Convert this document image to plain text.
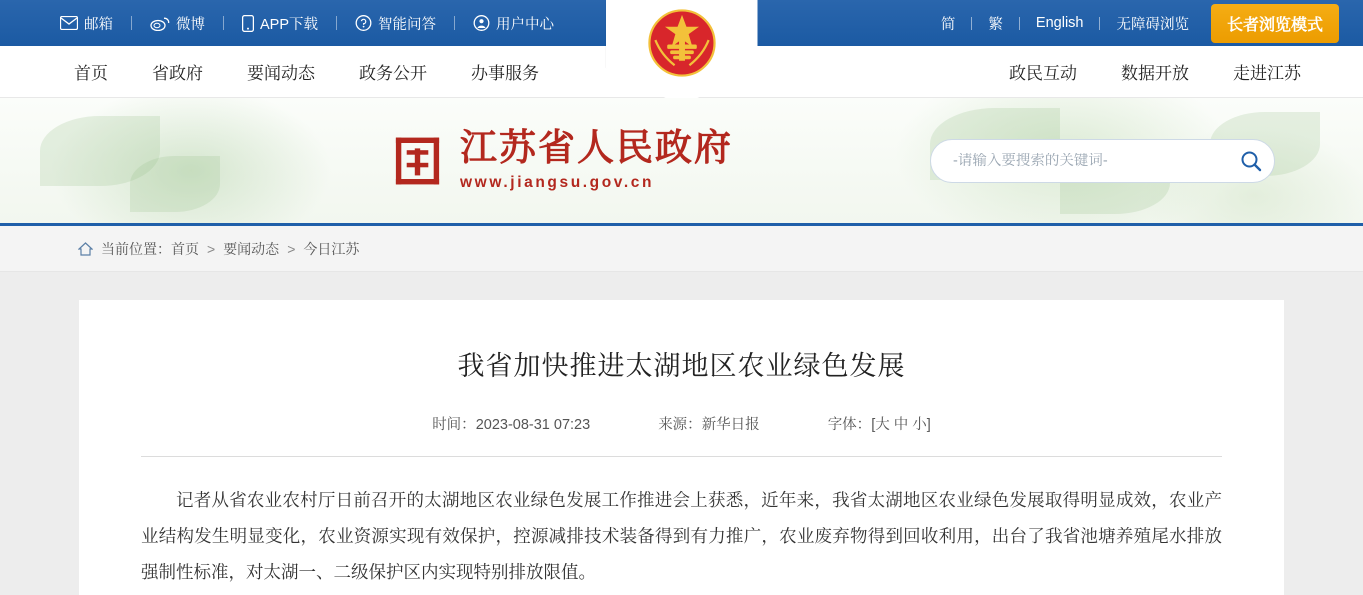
邮箱	微博	APP下载	智能问答	用户中心	简 繁 English 无障碍浏览	长者浏览模式
首页	省政府	要闻动态	政务公开	办事服务	政民互动	数据开放	走进江苏
江苏省人民政府
www.jiangsu.gov.cn
-请输入要搜索的关键词-
当前位置： 首页 > 要闻动态 > 今日江苏
我省加快推进太湖地区农业绿色发展
时间：2023-08-31 07:23	来源：新华日报	字体：[大 中 小]
记者从省农业农村厅日前召开的太湖地区农业绿色发展工作推进会上获悉，近年来，我省太湖地区农业绿色发展取得明显成效，农业产业结构发生明显变化，农业资源实现有效保护，控源减排技术装备得到有力推广，农业废弃物得到回收利用，出台了我省池塘养殖尾水排放强制性标准，对太湖一、二级保护区内实现特别排放限值。
